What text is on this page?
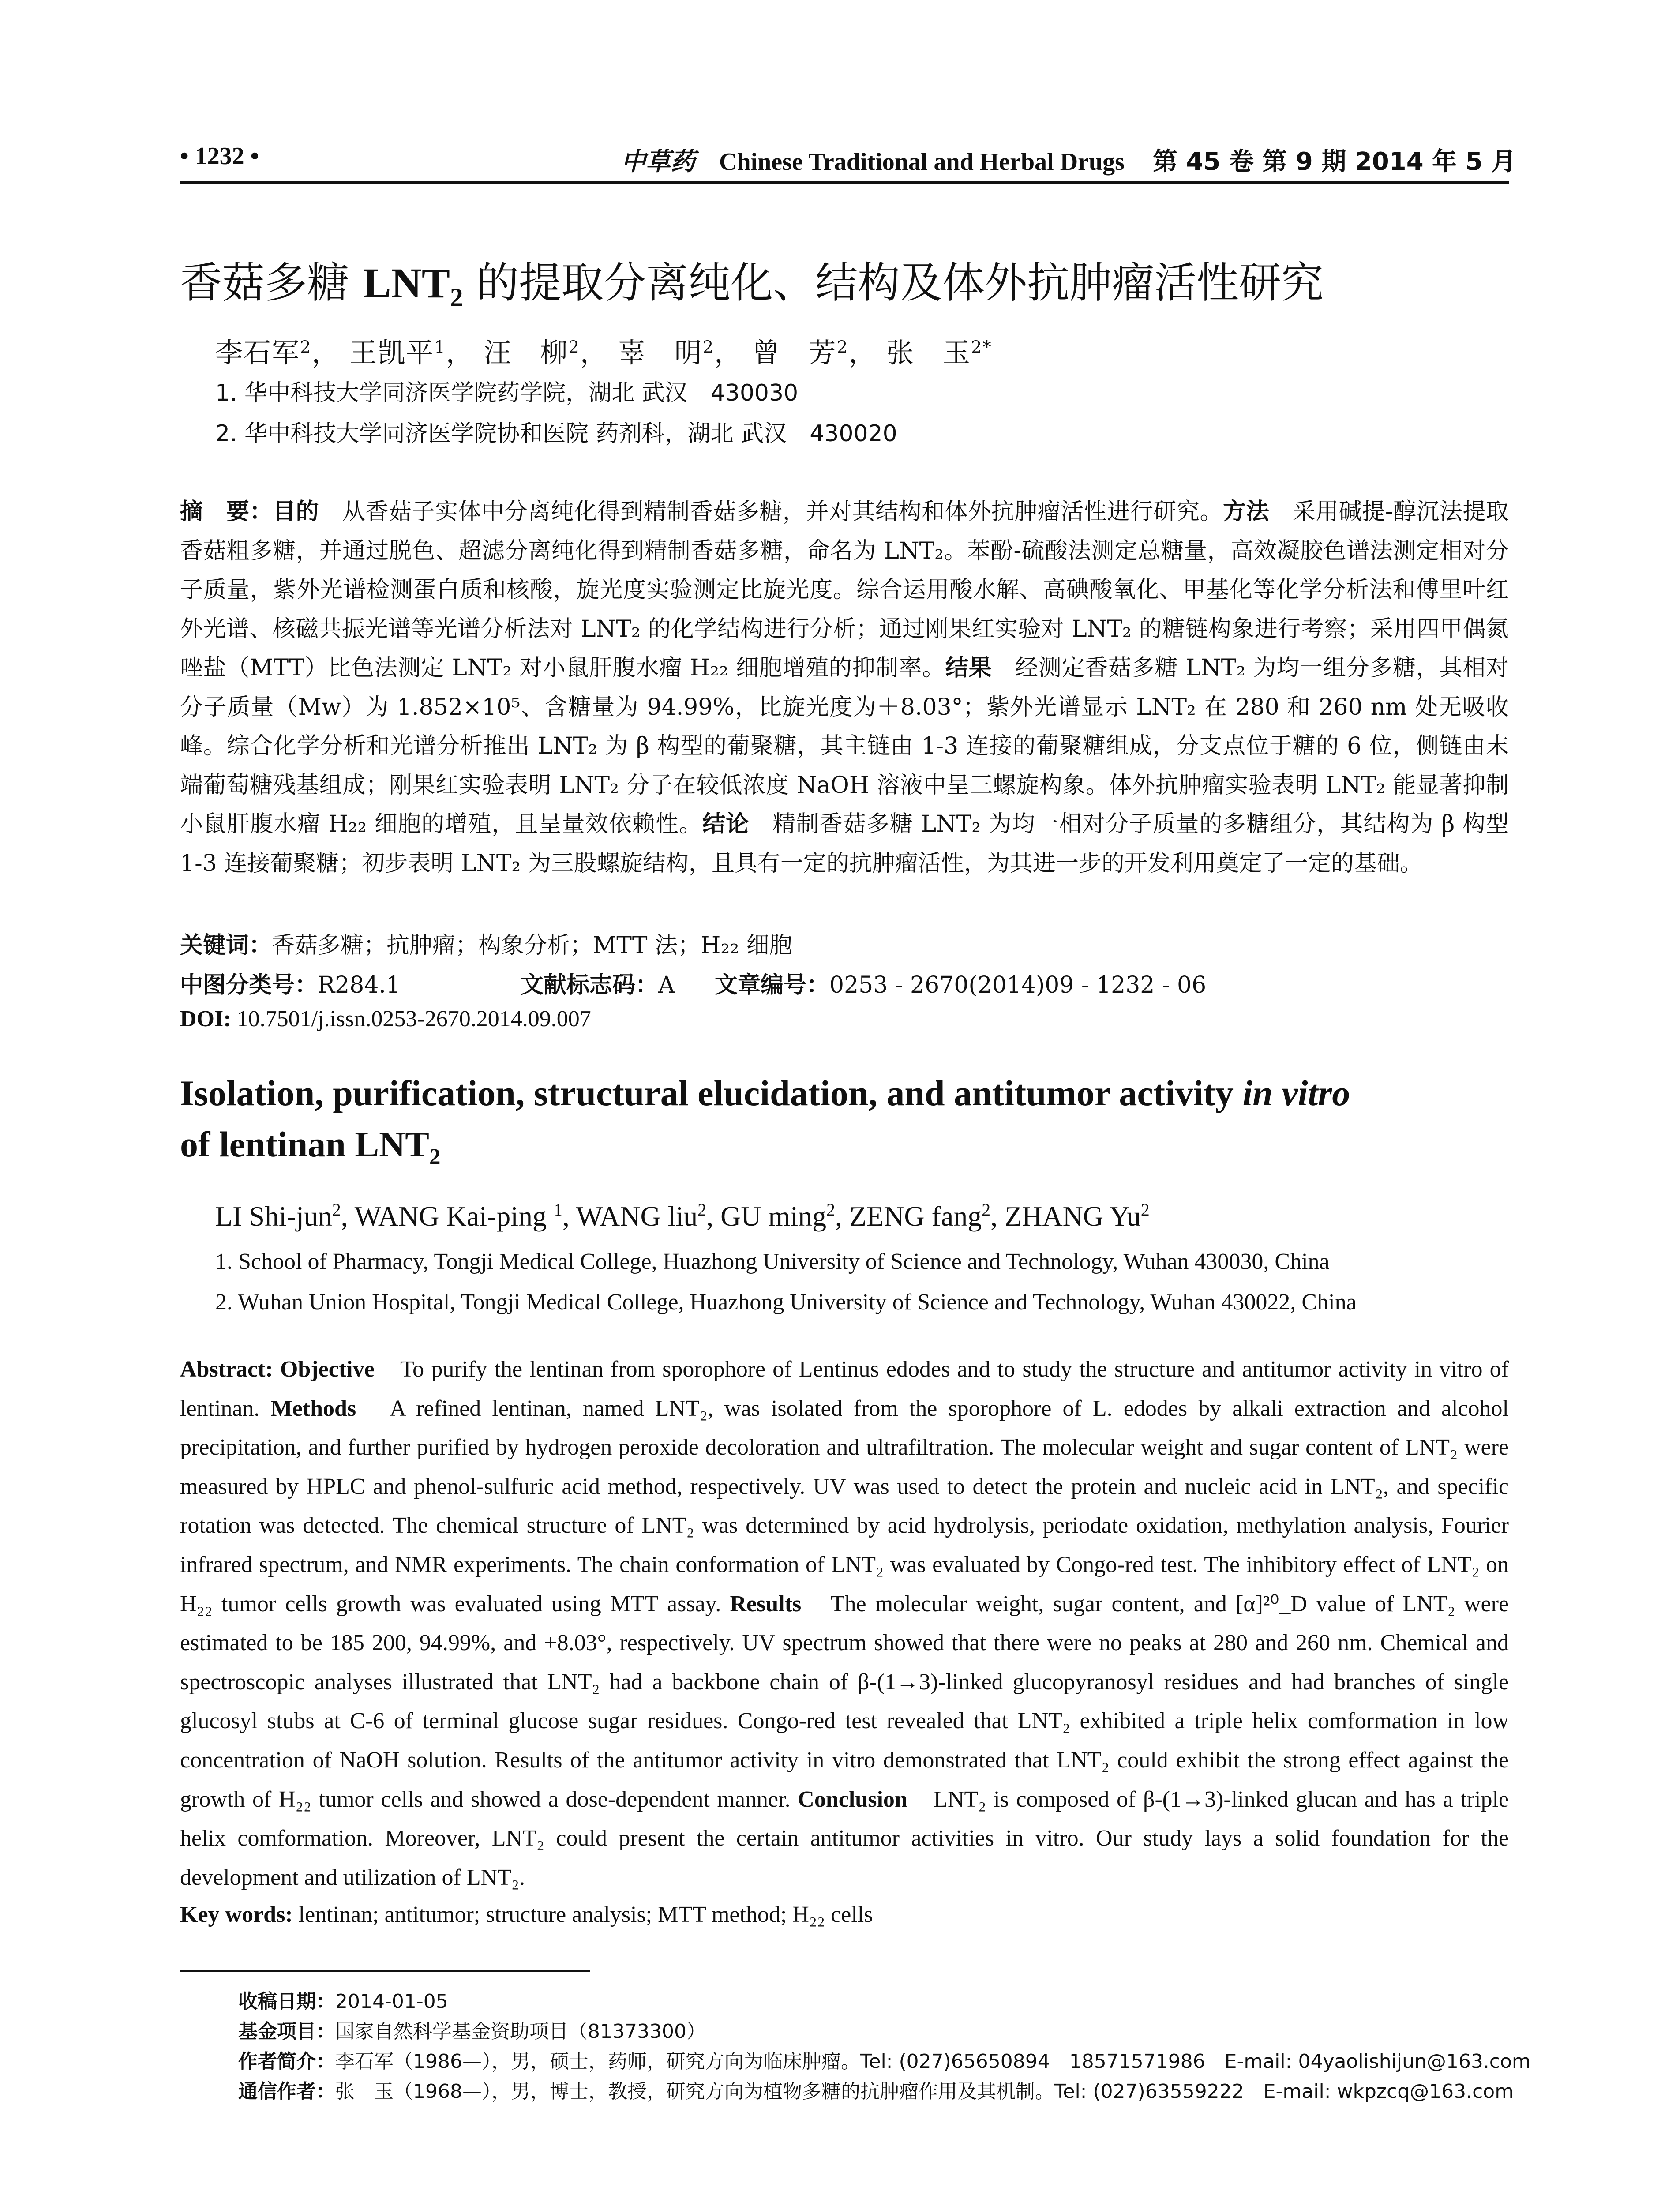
• 1232 •	中草药 Chinese Traditional and Herbal Drugs 第 45 卷 第 9 期 2014 年 5 月
香菇多糖 $LNT_2$ 的提取分离纯化、结构及体外抗肿瘤活性研究
李石军$^2$， 王凯平$^1$， 汪　柳$^2$， 辜　明$^2$， 曾　芳$^2$， 张　玉$^{2*}$
1. 华中科技大学同济医学院药学院，湖北 武汉　430030
2. 华中科技大学同济医学院协和医院 药剂科，湖北 武汉　430020
摘　要：目的　从香菇子实体中分离纯化得到精制香菇多糖，并对其结构和体外抗肿瘤活性进行研究。方法　采用碱提-醇沉法提取香菇粗多糖，并通过脱色、超滤分离纯化得到精制香菇多糖，命名为 LNT₂。苯酚-硫酸法测定总糖量，高效凝胶色谱法测定相对分子质量，紫外光谱检测蛋白质和核酸，旋光度实验测定比旋光度。综合运用酸水解、高碘酸氧化、甲基化等化学分析法和傅里叶红外光谱、核磁共振光谱等光谱分析法对 LNT₂ 的化学结构进行分析；通过刚果红实验对 LNT₂ 的糖链构象进行考察；采用四甲偶氮唑盐（MTT）比色法测定 LNT₂ 对小鼠肝腹水瘤 H₂₂ 细胞增殖的抑制率。结果　经测定香菇多糖 LNT₂ 为均一组分多糖，其相对分子质量（Mᴡ）为 1.852×10⁵、含糖量为 94.99%，比旋光度为＋8.03°；紫外光谱显示 LNT₂ 在 280 和 260 nm 处无吸收峰。综合化学分析和光谱分析推出 LNT₂ 为 β 构型的葡聚糖，其主链由 1-3 连接的葡聚糖组成，分支点位于糖的 6 位，侧链由末端葡萄糖残基组成；刚果红实验表明 LNT₂ 分子在较低浓度 NaOH 溶液中呈三螺旋构象。体外抗肿瘤实验表明 LNT₂ 能显著抑制小鼠肝腹水瘤 H₂₂ 细胞的增殖，且呈量效依赖性。结论　精制香菇多糖 LNT₂ 为均一相对分子质量的多糖组分，其结构为 β 构型 1-3 连接葡聚糖；初步表明 LNT₂ 为三股螺旋结构，且具有一定的抗肿瘤活性，为其进一步的开发利用奠定了一定的基础。
关键词：香菇多糖；抗肿瘤；构象分析；MTT 法；H₂₂ 细胞
中图分类号：R284.1	文献标志码：A 文章编号：0253 - 2670(2014)09 - 1232 - 06
DOI: 10.7501/j.issn.0253-2670.2014.09.007
Isolation, purification, structural elucidation, and antitumor activity in vitro
of lentinan $LNT_2$
LI Shi-jun$^2$, WANG Kai-ping $^1$, WANG liu$^2$, GU ming$^2$, ZENG fang$^2$, ZHANG Yu$^2$
1. School of Pharmacy, Tongji Medical College, Huazhong University of Science and Technology, Wuhan 430030, China
2. Wuhan Union Hospital, Tongji Medical College, Huazhong University of Science and Technology, Wuhan 430022, China
Abstract: Objective　To purify the lentinan from sporophore of Lentinus edodes and to study the structure and antitumor activity in vitro of lentinan. Methods　A refined lentinan, named LNT₂, was isolated from the sporophore of L. edodes by alkali extraction and alcohol precipitation, and further purified by hydrogen peroxide decoloration and ultrafiltration. The molecular weight and sugar content of LNT₂ were measured by HPLC and phenol-sulfuric acid method, respectively. UV was used to detect the protein and nucleic acid in LNT₂, and specific rotation was detected. The chemical structure of LNT₂ was determined by acid hydrolysis, periodate oxidation, methylation analysis, Fourier infrared spectrum, and NMR experiments. The chain conformation of LNT₂ was evaluated by Congo-red test. The inhibitory effect of LNT₂ on H₂₂ tumor cells growth was evaluated using MTT assay. Results　The molecular weight, sugar content, and [α]²⁰_D value of LNT₂ were estimated to be 185 200, 94.99%, and +8.03°, respectively. UV spectrum showed that there were no peaks at 280 and 260 nm. Chemical and spectroscopic analyses illustrated that LNT₂ had a backbone chain of β-(1→3)-linked glucopyranosyl residues and had branches of single glucosyl stubs at C-6 of terminal glucose sugar residues. Congo-red test revealed that LNT₂ exhibited a triple helix comformation in low concentration of NaOH solution. Results of the antitumor activity in vitro demonstrated that LNT₂ could exhibit the strong effect against the growth of H₂₂ tumor cells and showed a dose-dependent manner. Conclusion　LNT₂ is composed of β-(1→3)-linked glucan and has a triple helix comformation. Moreover, LNT₂ could present the certain antitumor activities in vitro. Our study lays a solid foundation for the development and utilization of LNT₂.
Key words: lentinan; antitumor; structure analysis; MTT method; H₂₂ cells
收稿日期：2014-01-05
基金项目：国家自然科学基金资助项目（81373300）
作者简介：李石军（1986—），男，硕士，药师，研究方向为临床肿瘤。Tel: (027)65650894　18571571986　E-mail: 04yaolishijun@163.com
通信作者：张　玉（1968—），男，博士，教授，研究方向为植物多糖的抗肿瘤作用及其机制。Tel: (027)63559222　E-mail: wkpzcq@163.com
